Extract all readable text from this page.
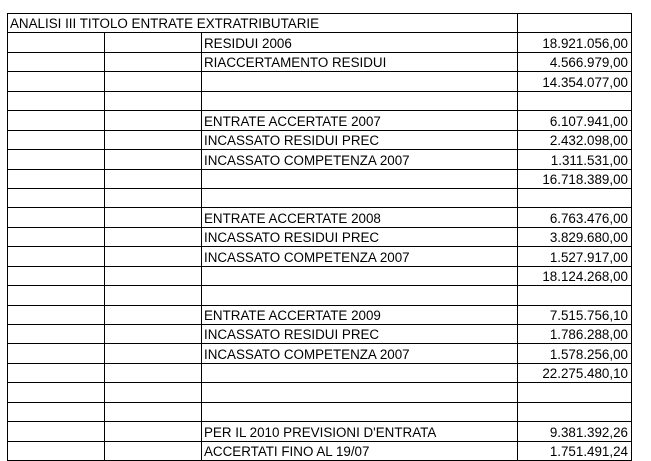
ANALISI III TITOLO ENTRATE EXTRATRIBUTARIE			
		RESIDUI 2006	18.921.056,00
		RIACCERTAMENTO RESIDUI	4.566.979,00
			14.354.077,00

		ENTRATE ACCERTATE 2007	6.107.941,00
		INCASSATO RESIDUI PREC	2.432.098,00
		INCASSATO COMPETENZA 2007	1.311.531,00
			16.718.389,00

		ENTRATE ACCERTATE 2008	6.763.476,00
		INCASSATO RESIDUI PREC	3.829.680,00
		INCASSATO COMPETENZA 2007	1.527.917,00
			18.124.268,00

		ENTRATE ACCERTATE 2009	7.515.756,10
		INCASSATO RESIDUI PREC	1.786.288,00
		INCASSATO COMPETENZA 2007	1.578.256,00
			22.275.480,10

		PER IL 2010 PREVISIONI D'ENTRATA	9.381.392,26
		ACCERTATI FINO AL 19/07	1.751.491,24
